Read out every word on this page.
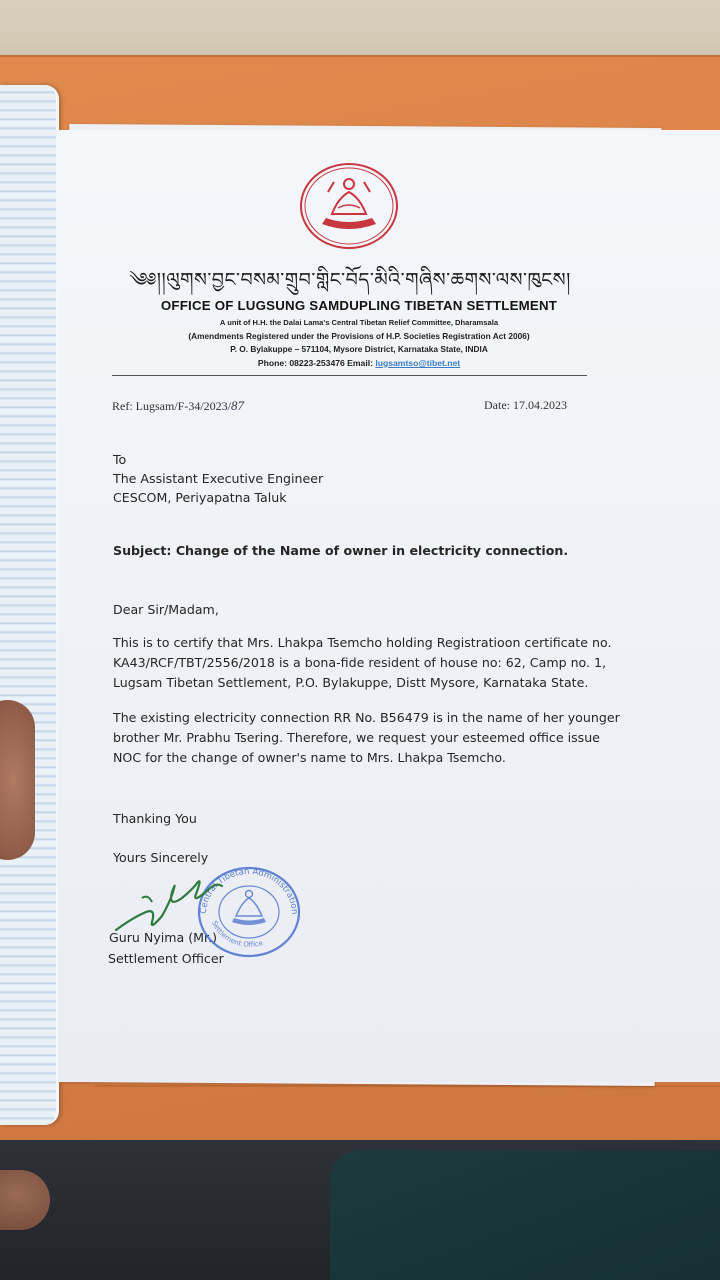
༄༅།།ལུགས་བྱང་བསམ་གྲུབ་གླིང་བོད་མིའི་གཞིས་ཆགས་ལས་ཁུངས།
OFFICE OF LUGSUNG SAMDUPLING TIBETAN SETTLEMENT
A unit of H.H. the Dalai Lama's Central Tibetan Relief Committee, Dharamsala
(Amendments Registered under the Provisions of H.P. Societies Registration Act 2006)
P. O. Bylakuppe – 571104, Mysore District, Karnataka State, INDIA
Phone: 08223-253476 Email: lugsamtso@tibet.net
Ref: Lugsam/F-34/2023/87	Date: 17.04.2023
To
The Assistant Executive Engineer
CESCOM, Periyapatna Taluk
Subject: Change of the Name of owner in electricity connection.
Dear Sir/Madam,
This is to certify that Mrs. Lhakpa Tsemcho holding Registratioon certificate no.
KA43/RCF/TBT/2556/2018 is a bona-fide resident of house no: 62, Camp no. 1,
Lugsam Tibetan Settlement, P.O. Bylakuppe, Distt Mysore, Karnataka State.
The existing electricity connection RR No. B56479 is in the name of her younger
brother Mr. Prabhu Tsering. Therefore, we request your esteemed office issue
NOC for the change of owner's name to Mrs. Lhakpa Tsemcho.
Thanking You
Yours Sincerely
Guru Nyima (Mr.)
Settlement Officer
Central Tibetan Administration
Settlement Office
